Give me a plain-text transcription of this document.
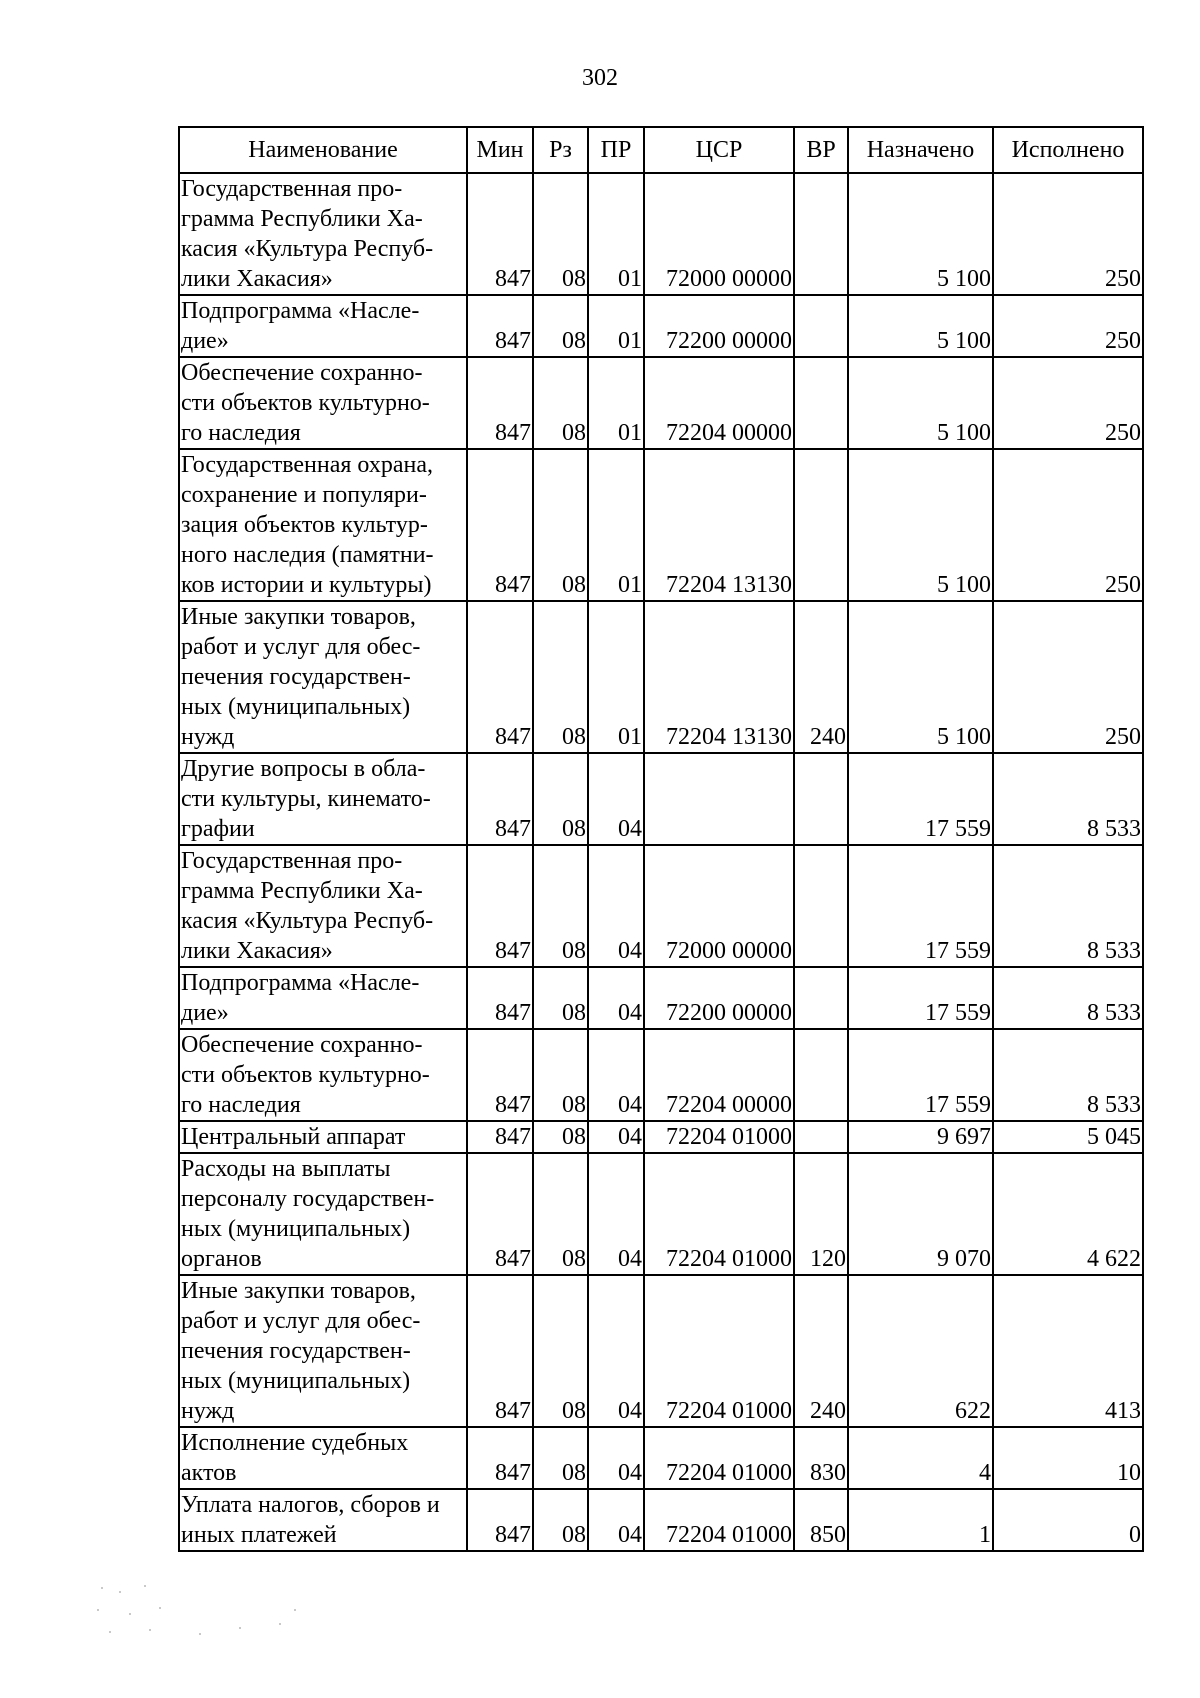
302
Наименование	Мин	Рз	ПР	ЦСР	ВР	Назначено	Исполнено

Государственная про-
грамма Республики Ха-
касия «Культура Респуб-
лики Хакасия»	847	08	01	72000 00000		5 100	250

Подпрограмма «Насле-
дие»	847	08	01	72200 00000		5 100	250

Обеспечение сохранно-
сти объектов культурно-
го наследия	847	08	01	72204 00000		5 100	250

Государственная охрана,
сохранение и популяри-
зация объектов культур-
ного наследия (памятни-
ков истории и культуры)	847	08	01	72204 13130		5 100	250

Иные закупки товаров,
работ и услуг для обес-
печения государствен-
ных (муниципальных)
нужд	847	08	01	72204 13130	240	5 100	250

Другие вопросы в обла-
сти культуры, кинемато-
графии	847	08	04			17 559	8 533

Государственная про-
грамма Республики Ха-
касия «Культура Респуб-
лики Хакасия»	847	08	04	72000 00000		17 559	8 533

Подпрограмма «Насле-
дие»	847	08	04	72200 00000		17 559	8 533

Обеспечение сохранно-
сти объектов культурно-
го наследия	847	08	04	72204 00000		17 559	8 533

Центральный аппарат	847	08	04	72204 01000		9 697	5 045

Расходы на выплаты
персоналу государствен-
ных (муниципальных)
органов	847	08	04	72204 01000	120	9 070	4 622

Иные закупки товаров,
работ и услуг для обес-
печения государствен-
ных (муниципальных)
нужд	847	08	04	72204 01000	240	622	413

Исполнение судебных
актов	847	08	04	72204 01000	830	4	10

Уплата налогов, сборов и
иных платежей	847	08	04	72204 01000	850	1	0
